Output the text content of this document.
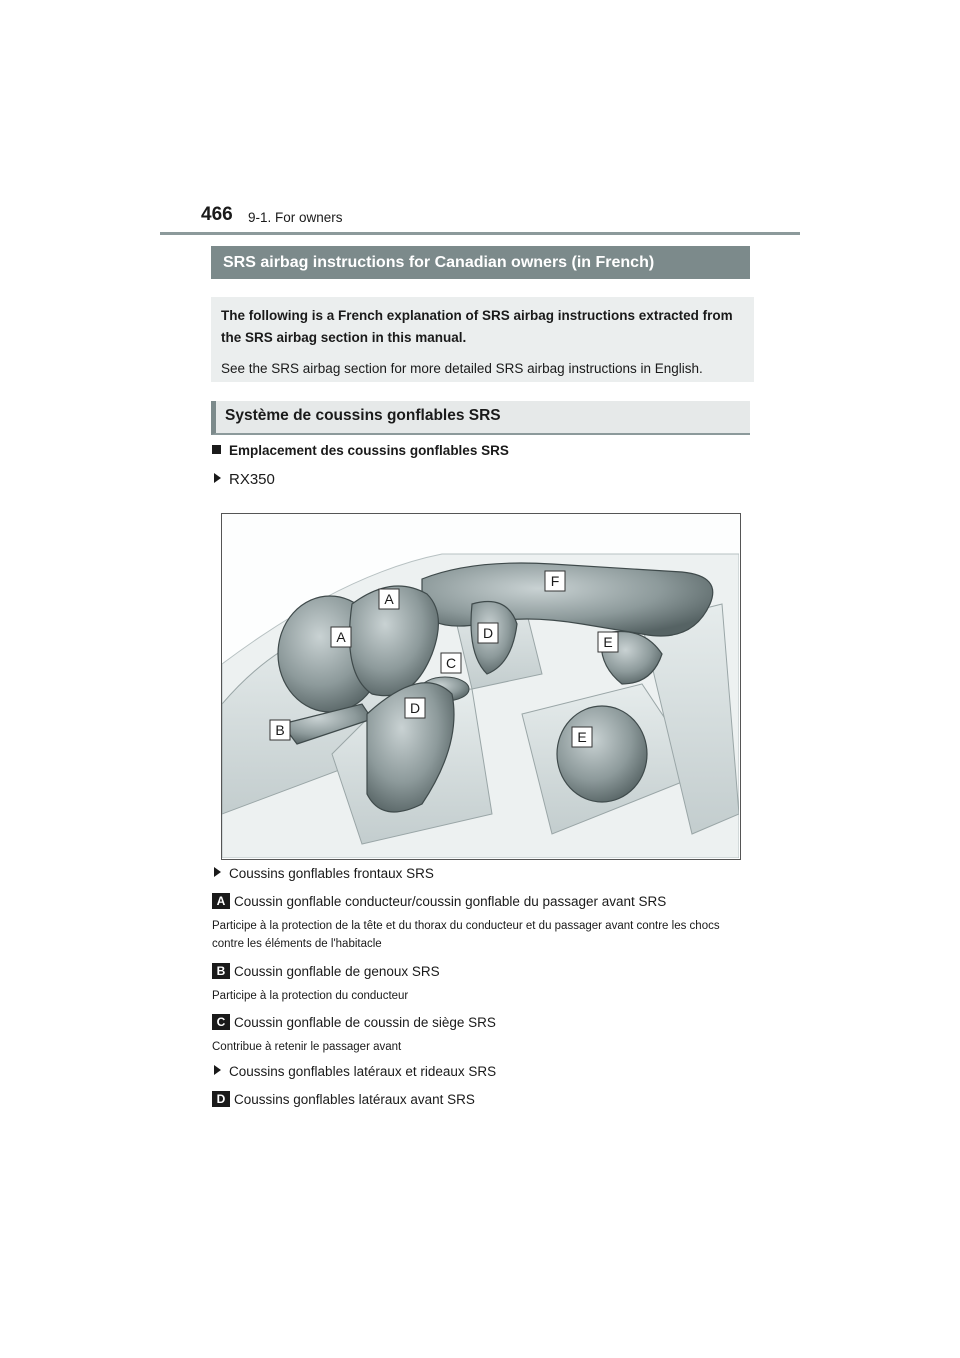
466 9-1. For owners
SRS airbag instructions for Canadian owners (in French)

The following is a French explanation of SRS airbag instructions extracted from the SRS airbag section in this manual.

See the SRS airbag section for more detailed SRS airbag instructions in English.

Système de coussins gonflables SRS
Emplacement des coussins gonflables SRS
RX350
F
A
A	D
E
C
D
B	E
Coussins gonflables frontaux SRS
A Coussin gonflable conducteur/coussin gonflable du passager avant SRS
Participe à la protection de la tête et du thorax du conducteur et du passager avant contre les chocs contre les éléments de l'habitacle
B Coussin gonflable de genoux SRS
Participe à la protection du conducteur
C Coussin gonflable de coussin de siège SRS
Contribue à retenir le passager avant
Coussins gonflables latéraux et rideaux SRS
D Coussins gonflables latéraux avant SRS
